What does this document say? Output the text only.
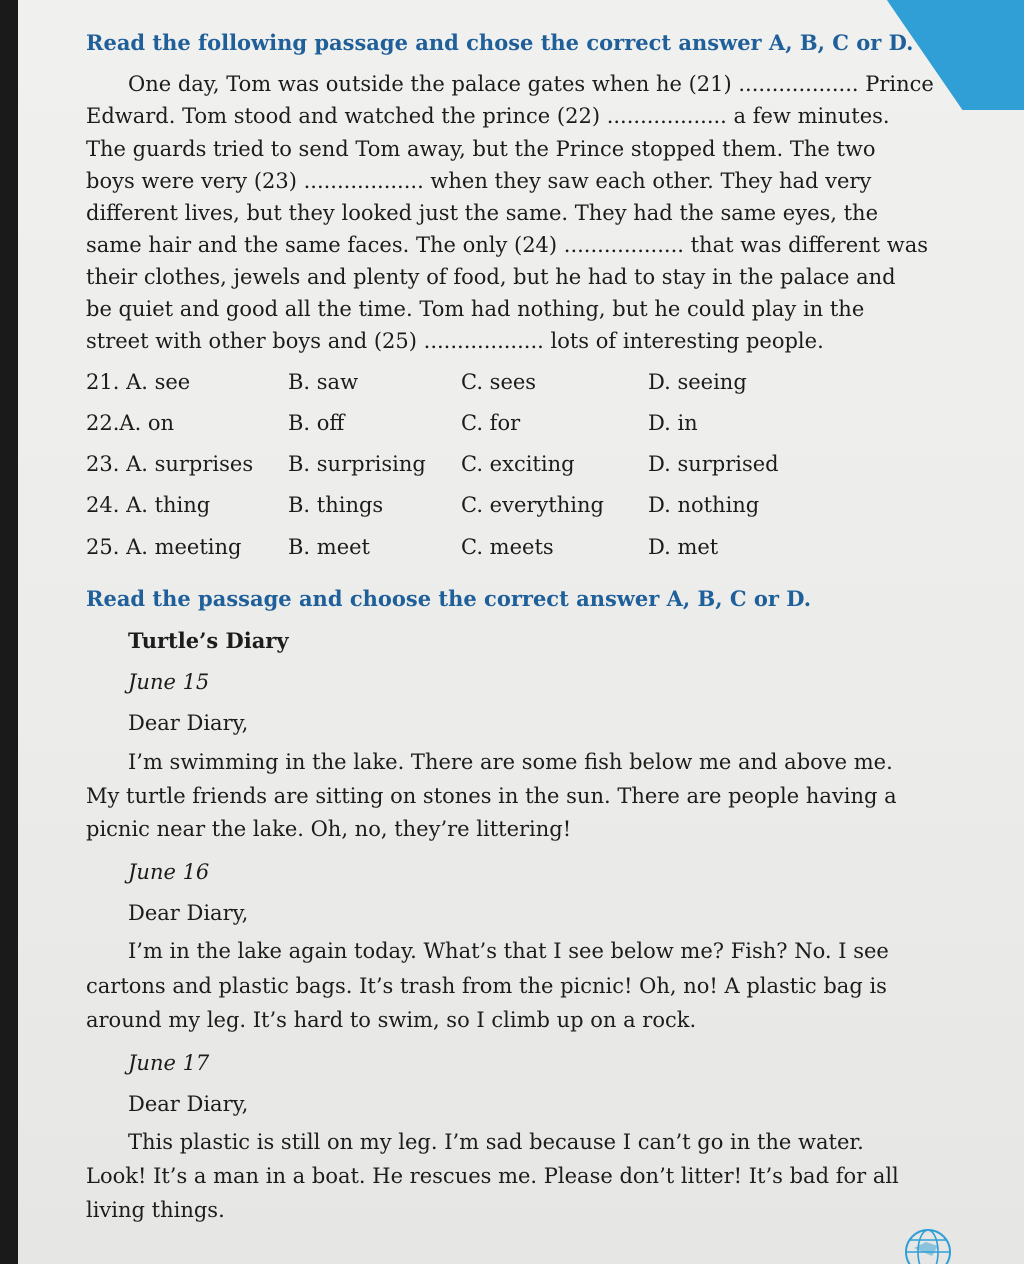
Read the following passage and chose the correct answer A, B, C or D.

One day, Tom was outside the palace gates when he (21) .................. Prince

Edward. Tom stood and watched the prince (22) .................. a few minutes.

The guards tried to send Tom away, but the Prince stopped them. The two

boys were very (23) .................. when they saw each other. They had very

different lives, but they looked just the same. They had the same eyes, the

same hair and the same faces. The only (24) .................. that was different was

their clothes, jewels and plenty of food, but he had to stay in the palace and

be quiet and good all the time. Tom had nothing, but he could play in the

street with other boys and (25) .................. lots of interesting people.

21. A. see	B. saw	C. sees	D. seeing
22.A. on	B. off	C. for	D. in
23. A. surprises B. surprising C. exciting	D. surprised
24. A. thing	B. things	C. everything D. nothing
25. A. meeting B. meet	C. meets	D. met

Read the passage and choose the correct answer A, B, C or D.

Turtle’s Diary

June 15

Dear Diary,

I’m swimming in the lake. There are some fish below me and above me.

My turtle friends are sitting on stones in the sun. There are people having a

picnic near the lake. Oh, no, they’re littering!

June 16

Dear Diary,

I’m in the lake again today. What’s that I see below me? Fish? No. I see

cartons and plastic bags. It’s trash from the picnic! Oh, no! A plastic bag is

around my leg. It’s hard to swim, so I climb up on a rock.

June 17

Dear Diary,

This plastic is still on my leg. I’m sad because I can’t go in the water.

Look! It’s a man in a boat. He rescues me. Please don’t litter! It’s bad for all

living things.
